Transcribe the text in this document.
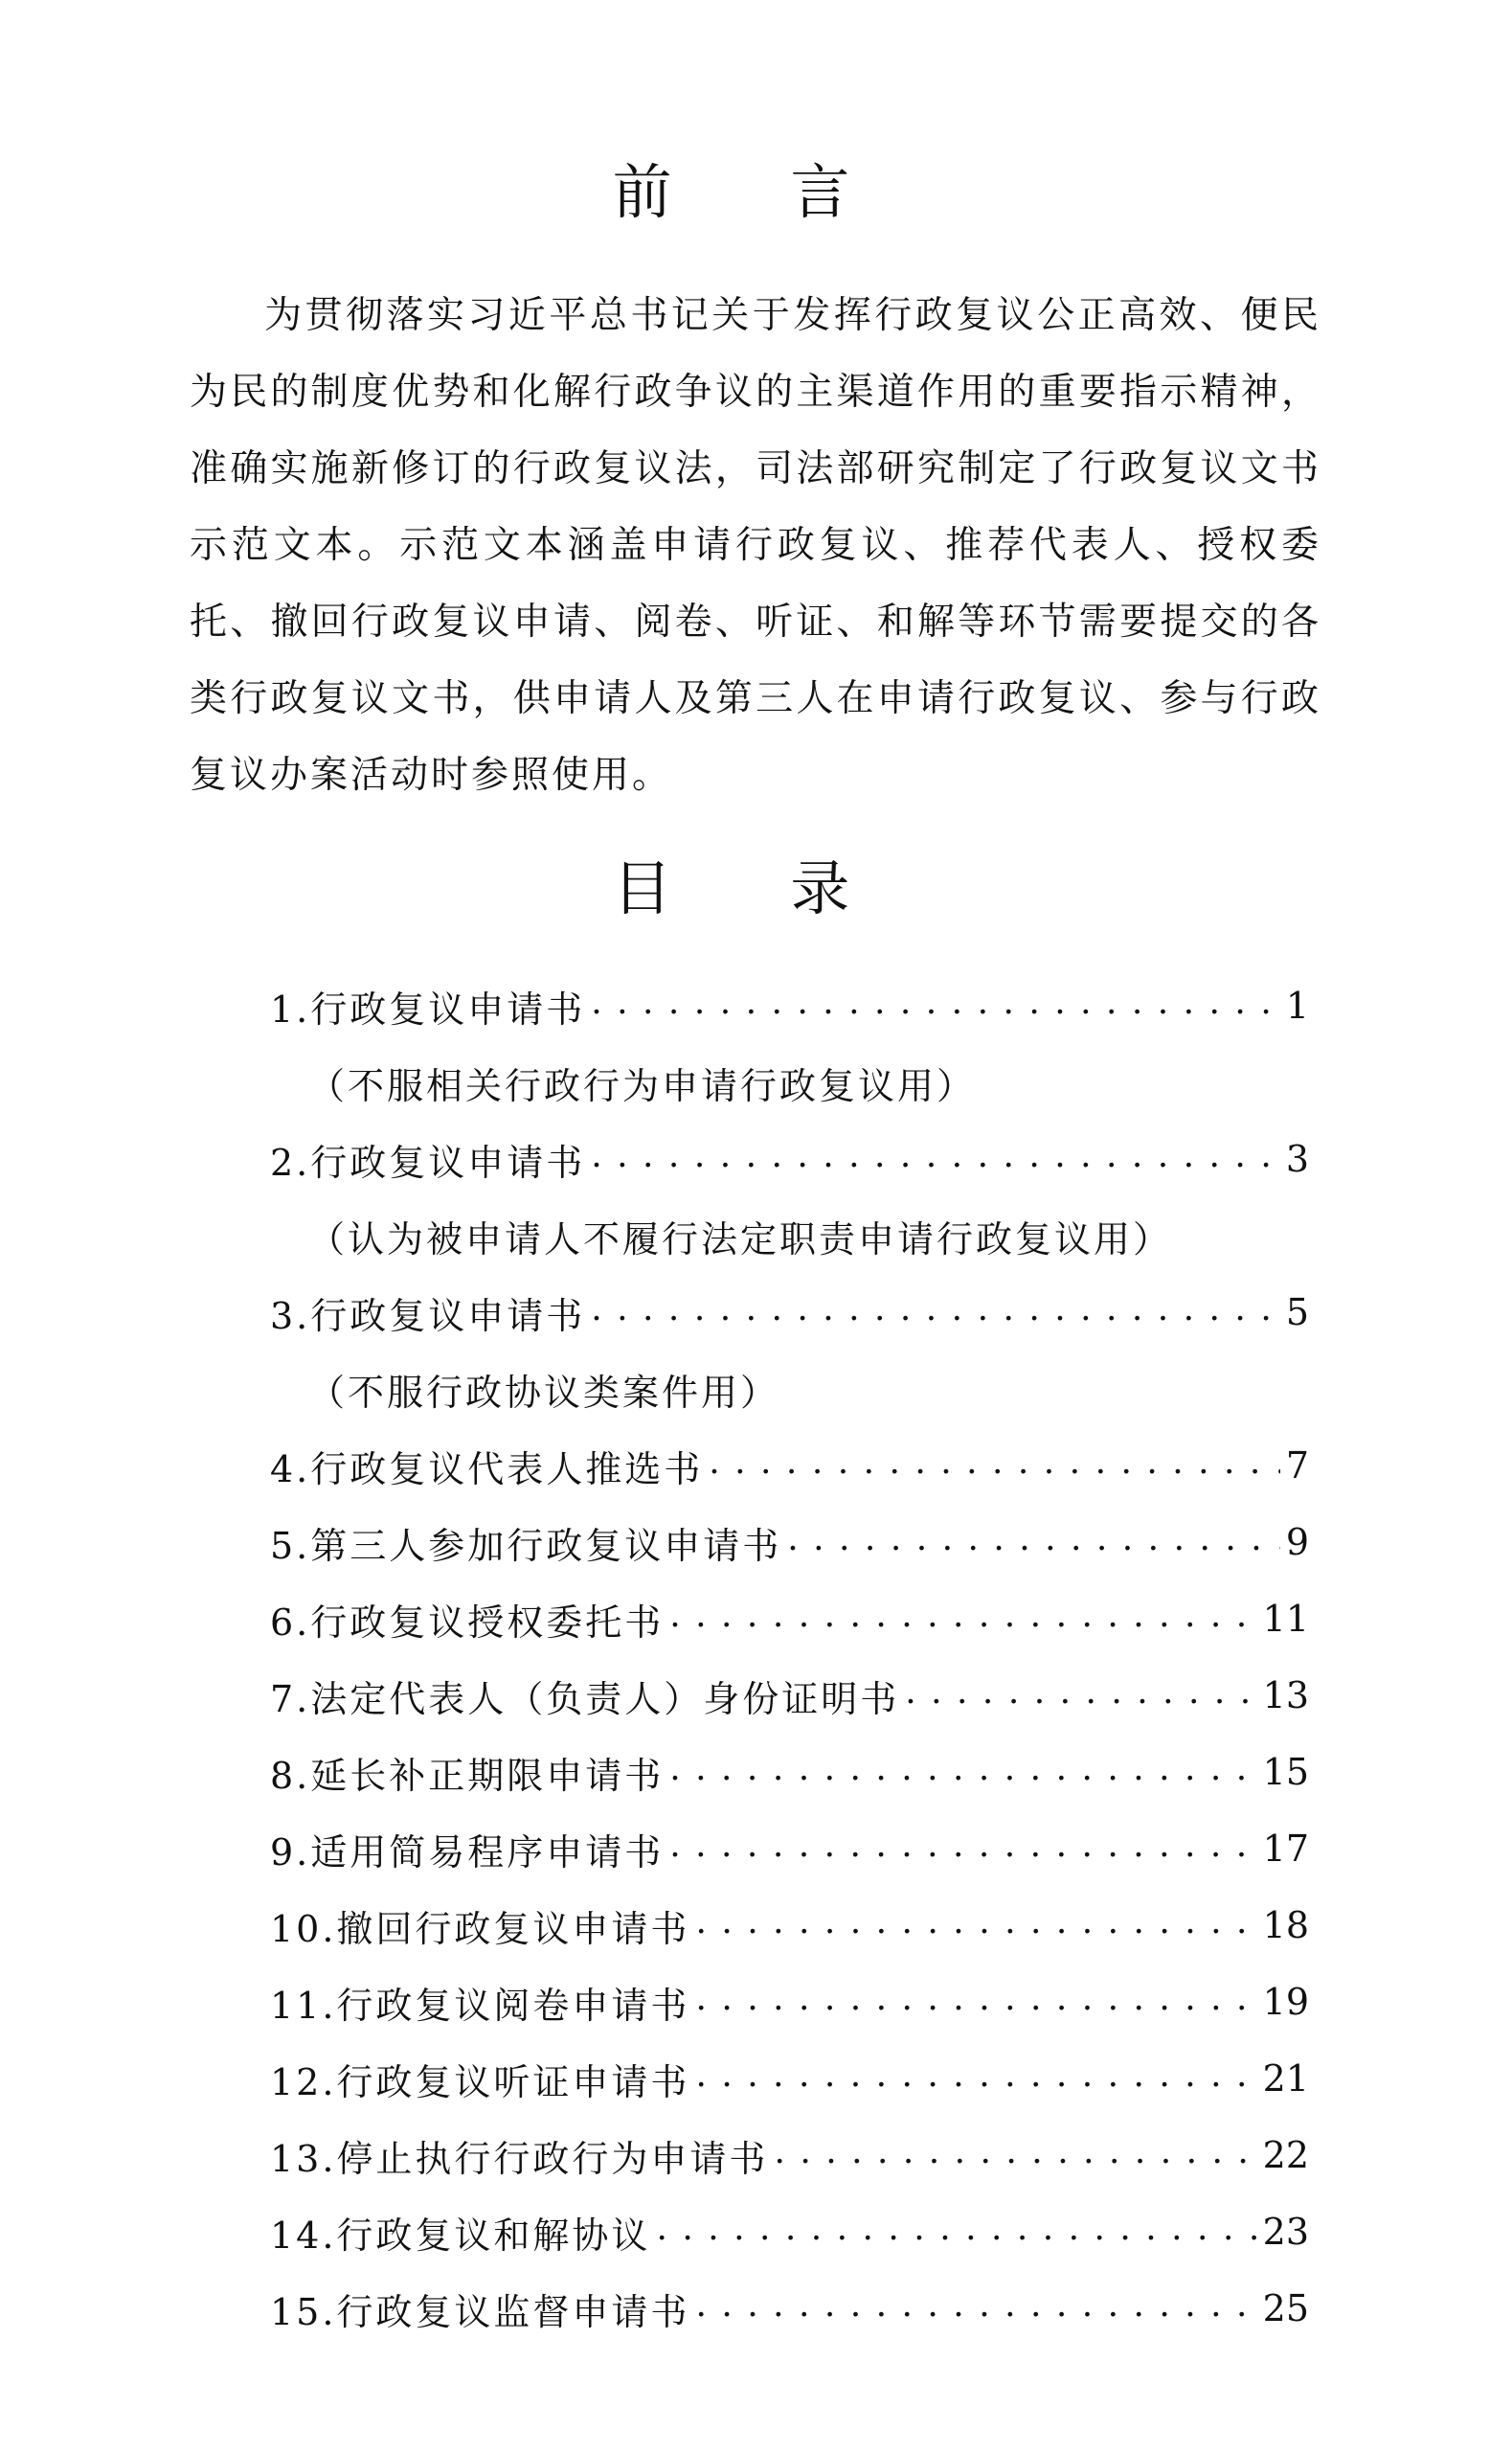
前 言

为贯彻落实习近平总书记关于发挥行政复议公正高效、便民为民的制度优势和化解行政争议的主渠道作用的重要指示精神，准确实施新修订的行政复议法，司法部研究制定了行政复议文书示范文本。示范文本涵盖申请行政复议、推荐代表人、授权委托、撤回行政复议申请、阅卷、听证、和解等环节需要提交的各类行政复议文书，供申请人及第三人在申请行政复议、参与行政复议办案活动时参照使用。

目 录
1.行政复议申请书 . . .	1
（不服相关行政行为申请行政复议用）
2.行政复议申请书 . . .	3
（认为被申请人不履行法定职责申请行政复议用）
3.行政复议申请书 . . .	5
（不服行政协议类案件用）
4.行政复议代表人推选书 . . .	7
5.第三人参加行政复议申请书 . . .	9
6.行政复议授权委托书 . . .	11
7.法定代表人（负责人）身份证明书 . . .	13
8.延长补正期限申请书 . . .	15
9.适用简易程序申请书 . . .	17
10.撤回行政复议申请书 . . .	18
11.行政复议阅卷申请书 . . .	19
12.行政复议听证申请书 . . .	21
13.停止执行行政行为申请书 . . .	22
14.行政复议和解协议 . . .	23
15.行政复议监督申请书 . . .	25
